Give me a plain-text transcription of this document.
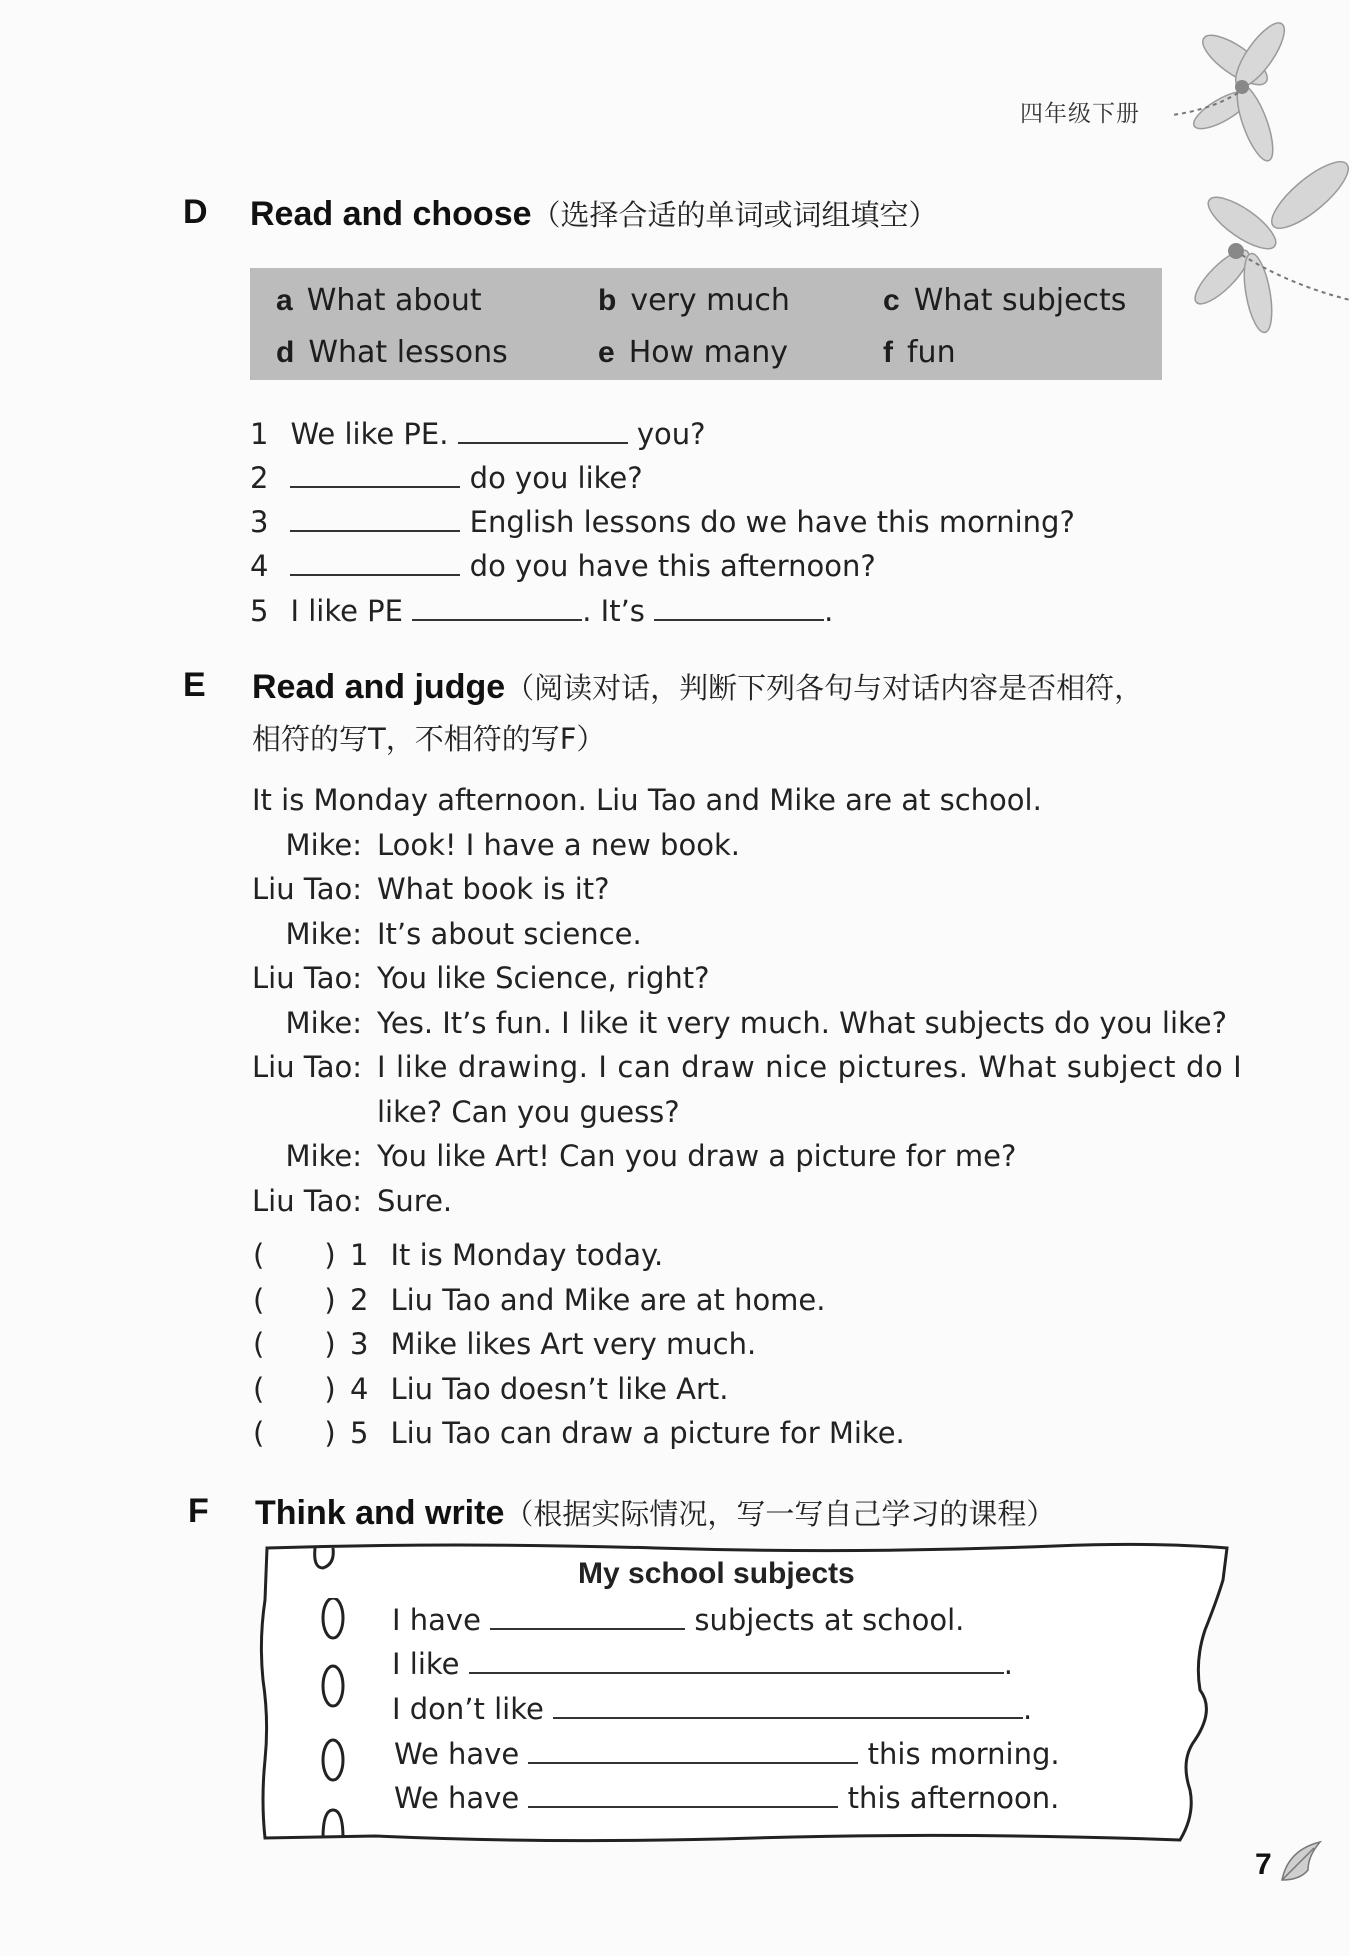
四年级下册
D Read and choose（选择合适的单词或词组填空）
a What about	b very much	c What subjects
d What lessons	e How many	f fun
1 We like PE.	you?
2	do you like?
3	English lessons do we have this morning?
4	do you have this afternoon?
5 I like PE	. It’s	.
E Read and judge（阅读对话，判断下列各句与对话内容是否相符，
相符的写T，不相符的写F）
It is Monday afternoon. Liu Tao and Mike are at school.
Mike: Look! I have a new book.
Liu Tao: What book is it?
Mike: It’s about science.
Liu Tao: You like Science, right?
Mike: Yes. It’s fun. I like it very much. What subjects do you like?
Liu Tao: I like drawing. I can draw nice pictures. What subject do I
like? Can you guess?
Mike: You like Art! Can you draw a picture for me?
Liu Tao: Sure.
( ) 1 It is Monday today.
( ) 2 Liu Tao and Mike are at home.
( ) 3 Mike likes Art very much.
( ) 4 Liu Tao doesn’t like Art.
( ) 5 Liu Tao can draw a picture for Mike.
F Think and write（根据实际情况，写一写自己学习的课程）
My school subjects
I have	subjects at school.
I like	.
I don’t like	.
We have	this morning.
We have	this afternoon.
7
